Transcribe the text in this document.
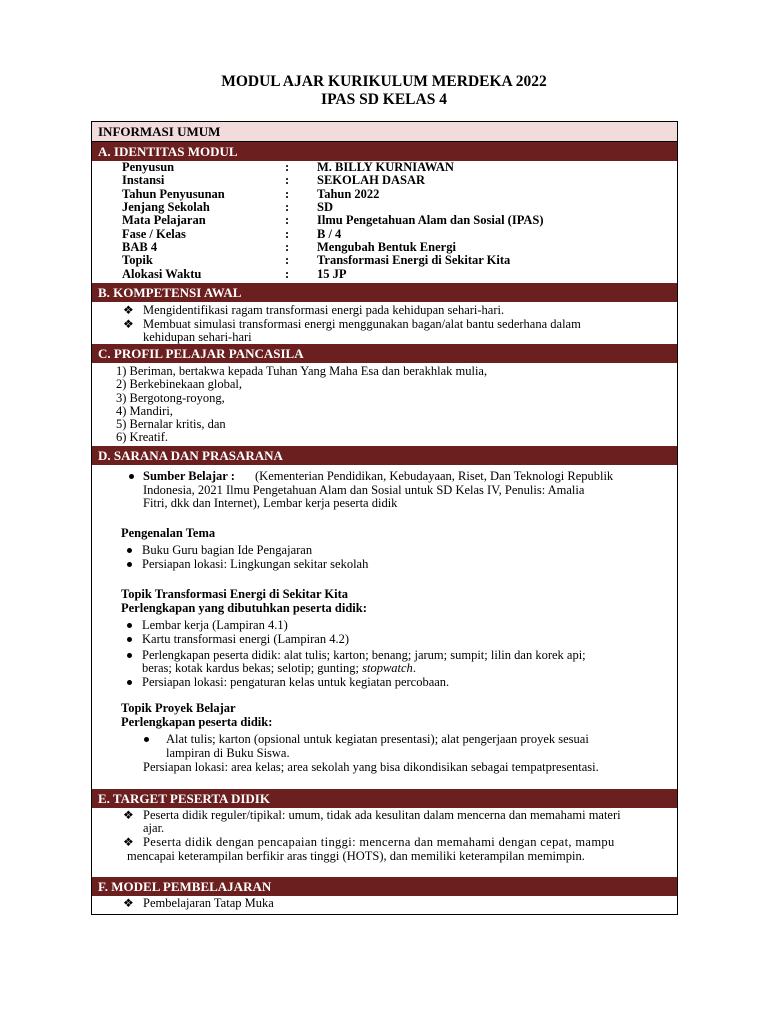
MODUL AJAR KURIKULUM MERDEKA 2022
IPAS SD KELAS 4
INFORMASI UMUM
A. IDENTITAS MODUL
Penyusun	: M. BILLY KURNIAWAN
Instansi	: SEKOLAH DASAR
Tahun Penyusunan	: Tahun 2022
Jenjang Sekolah	: SD
Mata Pelajaran	: Ilmu Pengetahuan Alam dan Sosial (IPAS)
Fase / Kelas	: B / 4
BAB 4	: Mengubah Bentuk Energi
Topik	: Transformasi Energi di Sekitar Kita
Alokasi Waktu	: 15 JP
B. KOMPETENSI AWAL
❖ Mengidentifikasi ragam transformasi energi pada kehidupan sehari-hari.
❖ Membuat simulasi transformasi energi menggunakan bagan/alat bantu sederhana dalam
kehidupan sehari-hari
C. PROFIL PELAJAR PANCASILA
1) Beriman, bertakwa kepada Tuhan Yang Maha Esa dan berakhlak mulia,
2) Berkebinekaan global,
3) Bergotong-royong,
4) Mandiri,
5) Bernalar kritis, dan
6) Kreatif.
D. SARANA DAN PRASARANA
Sumber Belajar : (Kementerian Pendidikan, Kebudayaan, Riset, Dan Teknologi Republik
Indonesia, 2021 Ilmu Pengetahuan Alam dan Sosial untuk SD Kelas IV, Penulis: Amalia
Fitri, dkk dan Internet), Lembar kerja peserta didik
Pengenalan Tema
Buku Guru bagian Ide Pengajaran
Persiapan lokasi: Lingkungan sekitar sekolah
Topik Transformasi Energi di Sekitar Kita
Perlengkapan yang dibutuhkan peserta didik:
Lembar kerja (Lampiran 4.1)
Kartu transformasi energi (Lampiran 4.2)
Perlengkapan peserta didik: alat tulis; karton; benang; jarum; sumpit; lilin dan korek api;
beras; kotak kardus bekas; selotip; gunting; stopwatch.
Persiapan lokasi: pengaturan kelas untuk kegiatan percobaan.
Topik Proyek Belajar
Perlengkapan peserta didik:
Alat tulis; karton (opsional untuk kegiatan presentasi); alat pengerjaan proyek sesuai
lampiran di Buku Siswa.
Persiapan lokasi: area kelas; area sekolah yang bisa dikondisikan sebagai tempatpresentasi.
E. TARGET PESERTA DIDIK
❖ Peserta didik reguler/tipikal: umum, tidak ada kesulitan dalam mencerna dan memahami materi
ajar.
❖ Peserta didik dengan pencapaian tinggi: mencerna dan memahami dengan cepat, mampu
mencapai keterampilan berfikir aras tinggi (HOTS), dan memiliki keterampilan memimpin.
F. MODEL PEMBELAJARAN
❖ Pembelajaran Tatap Muka
